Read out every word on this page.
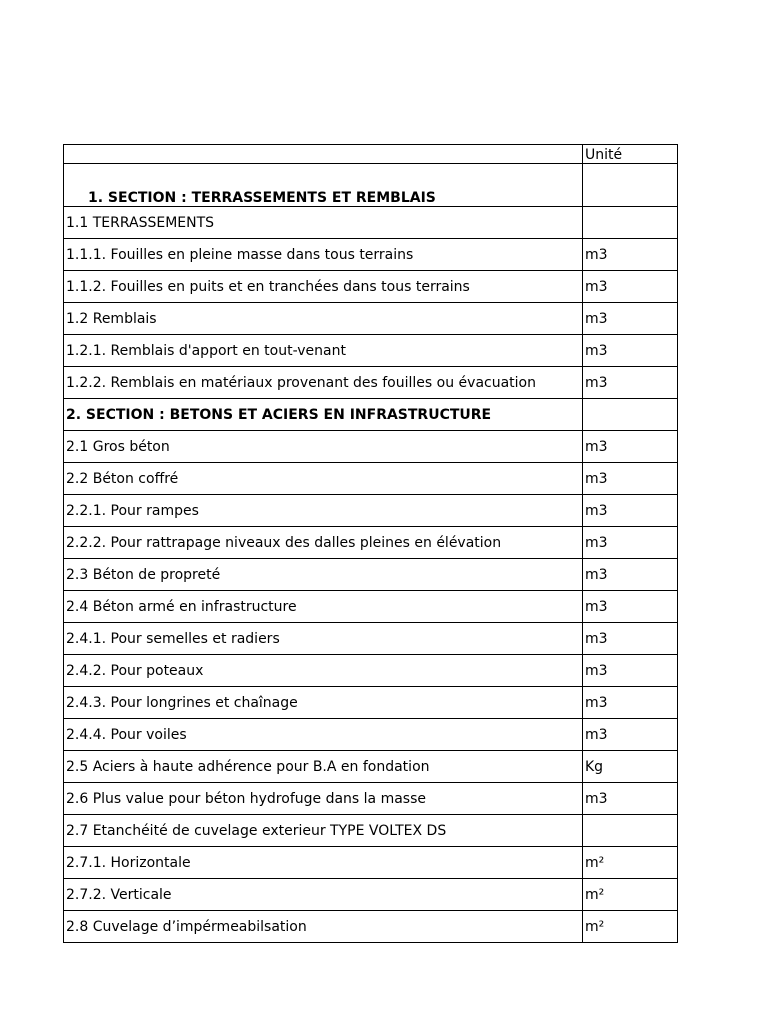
	Unité
1. SECTION : TERRASSEMENTS ET REMBLAIS	
1.1 TERRASSEMENTS	
1.1.1. Fouilles en pleine masse dans tous terrains	m3
1.1.2. Fouilles en puits et en tranchées dans tous terrains	m3
1.2 Remblais	m3
1.2.1. Remblais d'apport en tout-venant	m3
1.2.2. Remblais en matériaux provenant des fouilles ou évacuation	m3
2. SECTION : BETONS ET ACIERS EN INFRASTRUCTURE	
2.1 Gros béton	m3
2.2 Béton coffré	m3
2.2.1. Pour rampes	m3
2.2.2. Pour rattrapage niveaux des dalles pleines en élévation	m3
2.3 Béton de propreté	m3
2.4 Béton armé en infrastructure	m3
2.4.1. Pour semelles et radiers	m3
2.4.2. Pour poteaux	m3
2.4.3. Pour longrines et chaînage	m3
2.4.4. Pour voiles	m3
2.5 Aciers à haute adhérence pour B.A en fondation	Kg
2.6 Plus value pour béton hydrofuge dans la masse	m3
2.7 Etanchéité de cuvelage exterieur TYPE VOLTEX DS	
2.7.1. Horizontale	m²
2.7.2. Verticale	m²
2.8 Cuvelage d’impérmeabilsation	m²
